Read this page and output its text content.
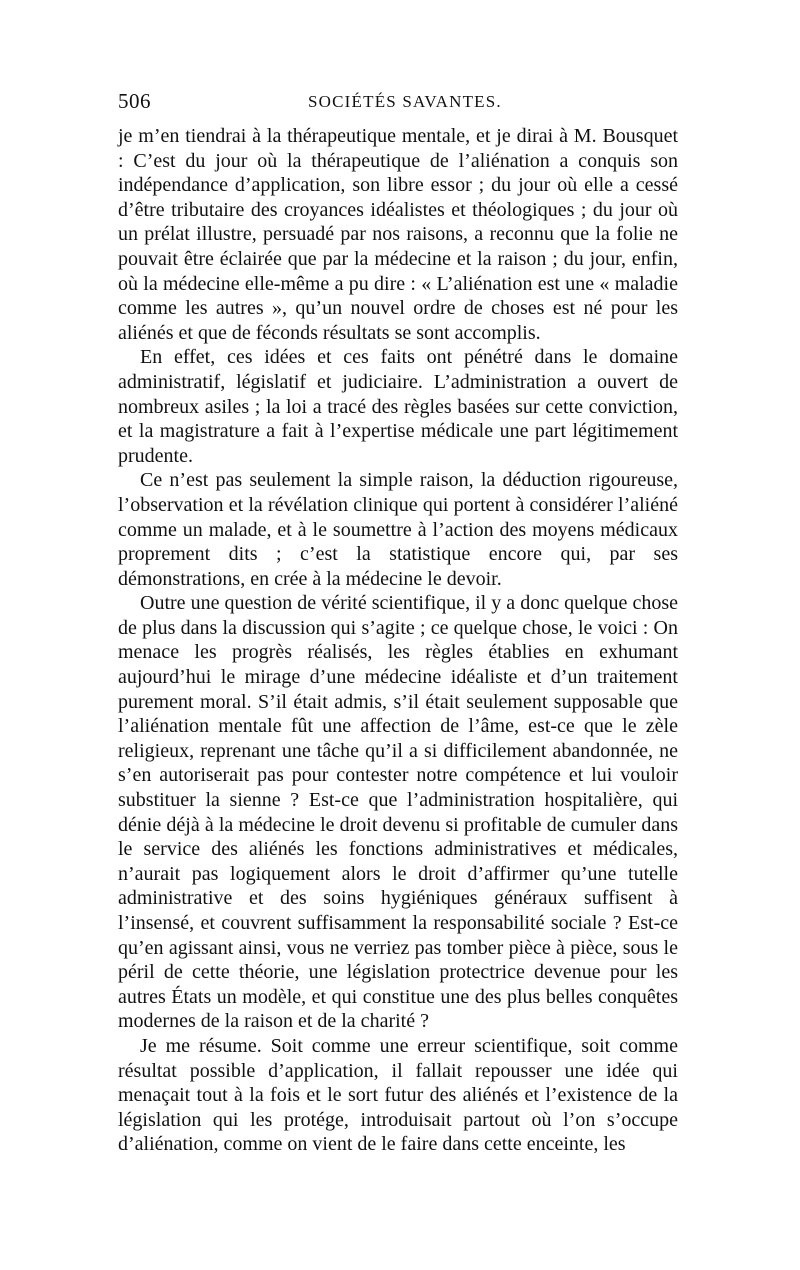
506	SOCIÉTÉS SAVANTES.

je m’en tiendrai à la thérapeutique mentale, et je dirai à M. Bousquet : C’est du jour où la thérapeutique de l’aliénation a conquis son indépendance d’application, son libre essor ; du jour où elle a cessé d’être tributaire des croyances idéalistes et théologiques ; du jour où un prélat illustre, persuadé par nos raisons, a reconnu que la folie ne pouvait être éclairée que par la médecine et la raison ; du jour, enfin, où la médecine elle-même a pu dire : « L’aliénation est une « maladie comme les autres », qu’un nouvel ordre de choses est né pour les aliénés et que de féconds résultats se sont accomplis.

En effet, ces idées et ces faits ont pénétré dans le domaine administratif, législatif et judiciaire. L’administration a ouvert de nombreux asiles ; la loi a tracé des règles basées sur cette conviction, et la magistrature a fait à l’expertise médicale une part légitimement prudente.

Ce n’est pas seulement la simple raison, la déduction rigoureuse, l’observation et la révélation clinique qui portent à considérer l’aliéné comme un malade, et à le soumettre à l’action des moyens médicaux proprement dits ; c’est la statistique encore qui, par ses démonstrations, en crée à la médecine le devoir.

Outre une question de vérité scientifique, il y a donc quelque chose de plus dans la discussion qui s’agite ; ce quelque chose, le voici : On menace les progrès réalisés, les règles établies en exhumant aujourd’hui le mirage d’une médecine idéaliste et d’un traitement purement moral. S’il était admis, s’il était seulement supposable que l’aliénation mentale fût une affection de l’âme, est-ce que le zèle religieux, reprenant une tâche qu’il a si difficilement abandonnée, ne s’en autoriserait pas pour contester notre compétence et lui vouloir substituer la sienne ? Est-ce que l’administration hospitalière, qui dénie déjà à la médecine le droit devenu si profitable de cumuler dans le service des aliénés les fonctions administratives et médicales, n’aurait pas logiquement alors le droit d’affirmer qu’une tutelle administrative et des soins hygiéniques généraux suffisent à l’insensé, et couvrent suffisamment la responsabilité sociale ? Est-ce qu’en agissant ainsi, vous ne verriez pas tomber pièce à pièce, sous le péril de cette théorie, une législation protectrice devenue pour les autres États un modèle, et qui constitue une des plus belles conquêtes modernes de la raison et de la charité ?

Je me résume. Soit comme une erreur scientifique, soit comme résultat possible d’application, il fallait repousser une idée qui menaçait tout à la fois et le sort futur des aliénés et l’existence de la législation qui les protége, introduisait partout où l’on s’occupe d’aliénation, comme on vient de le faire dans cette enceinte, les
